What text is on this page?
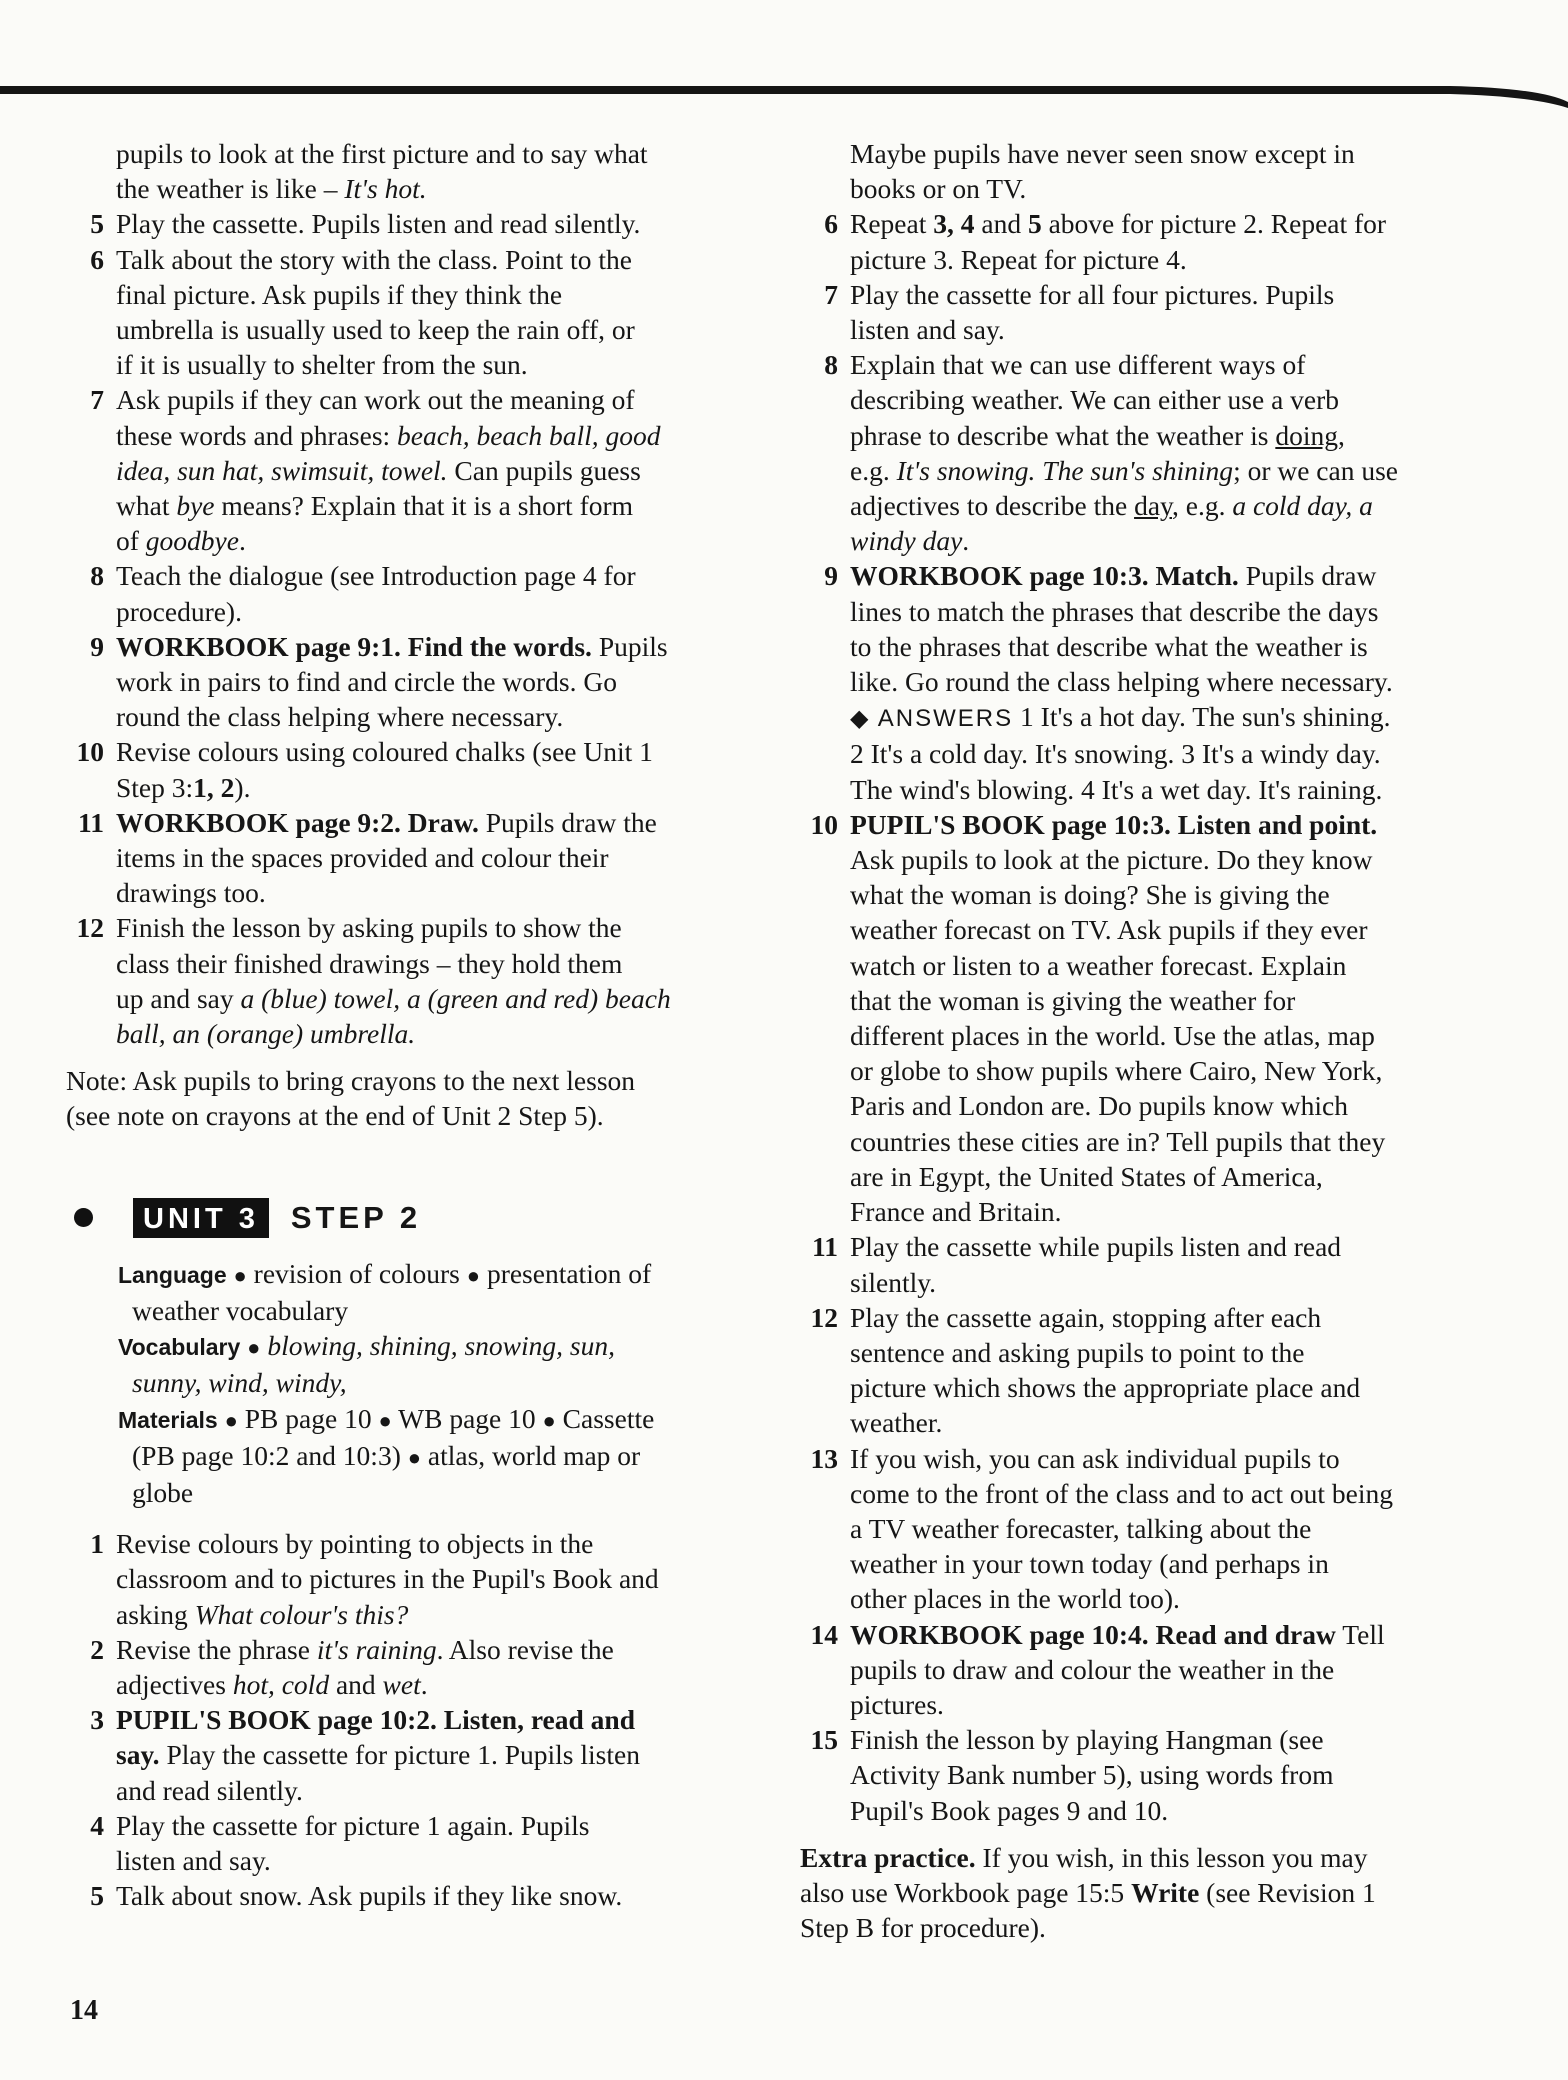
pupils to look at the first picture and to say what
the weather is like – It's hot.
5 Play the cassette. Pupils listen and read silently.
6 Talk about the story with the class. Point to the
final picture. Ask pupils if they think the
umbrella is usually used to keep the rain off, or
if it is usually to shelter from the sun.
7 Ask pupils if they can work out the meaning of
these words and phrases: beach, beach ball, good
idea, sun hat, swimsuit, towel. Can pupils guess
what bye means? Explain that it is a short form
of goodbye.
8 Teach the dialogue (see Introduction page 4 for
procedure).
9 WORKBOOK page 9:1. Find the words. Pupils
work in pairs to find and circle the words. Go
round the class helping where necessary.
10 Revise colours using coloured chalks (see Unit 1
Step 3:1, 2).
11 WORKBOOK page 9:2. Draw. Pupils draw the
items in the spaces provided and colour their
drawings too.
12 Finish the lesson by asking pupils to show the
class their finished drawings – they hold them
up and say a (blue) towel, a (green and red) beach
ball, an (orange) umbrella.
Note: Ask pupils to bring crayons to the next lesson
(see note on crayons at the end of Unit 2 Step 5).
UNIT 3	STEP 2
Language ● revision of colours ● presentation of
weather vocabulary
Vocabulary ● blowing, shining, snowing, sun,
sunny, wind, windy,
Materials ● PB page 10 ● WB page 10 ● Cassette
(PB page 10:2 and 10:3) ● atlas, world map or
globe
1 Revise colours by pointing to objects in the
classroom and to pictures in the Pupil's Book and
asking What colour's this?
2 Revise the phrase it's raining. Also revise the
adjectives hot, cold and wet.
3 PUPIL'S BOOK page 10:2. Listen, read and
say. Play the cassette for picture 1. Pupils listen
and read silently.
4 Play the cassette for picture 1 again. Pupils
listen and say.
5 Talk about snow. Ask pupils if they like snow.
Maybe pupils have never seen snow except in
books or on TV.
6 Repeat 3, 4 and 5 above for picture 2. Repeat for
picture 3. Repeat for picture 4.
7 Play the cassette for all four pictures. Pupils
listen and say.
8 Explain that we can use different ways of
describing weather. We can either use a verb
phrase to describe what the weather is doing,
e.g. It's snowing. The sun's shining; or we can use
adjectives to describe the day, e.g. a cold day, a
windy day.
9 WORKBOOK page 10:3. Match. Pupils draw
lines to match the phrases that describe the days
to the phrases that describe what the weather is
like. Go round the class helping where necessary.
◆ ANSWERS 1 It's a hot day. The sun's shining.
2 It's a cold day. It's snowing. 3 It's a windy day.
The wind's blowing. 4 It's a wet day. It's raining.
10 PUPIL'S BOOK page 10:3. Listen and point.
Ask pupils to look at the picture. Do they know
what the woman is doing? She is giving the
weather forecast on TV. Ask pupils if they ever
watch or listen to a weather forecast. Explain
that the woman is giving the weather for
different places in the world. Use the atlas, map
or globe to show pupils where Cairo, New York,
Paris and London are. Do pupils know which
countries these cities are in? Tell pupils that they
are in Egypt, the United States of America,
France and Britain.
11 Play the cassette while pupils listen and read
silently.
12 Play the cassette again, stopping after each
sentence and asking pupils to point to the
picture which shows the appropriate place and
weather.
13 If you wish, you can ask individual pupils to
come to the front of the class and to act out being
a TV weather forecaster, talking about the
weather in your town today (and perhaps in
other places in the world too).
14 WORKBOOK page 10:4. Read and draw Tell
pupils to draw and colour the weather in the
pictures.
15 Finish the lesson by playing Hangman (see
Activity Bank number 5), using words from
Pupil's Book pages 9 and 10.
Extra practice. If you wish, in this lesson you may
also use Workbook page 15:5 Write (see Revision 1
Step B for procedure).
14
